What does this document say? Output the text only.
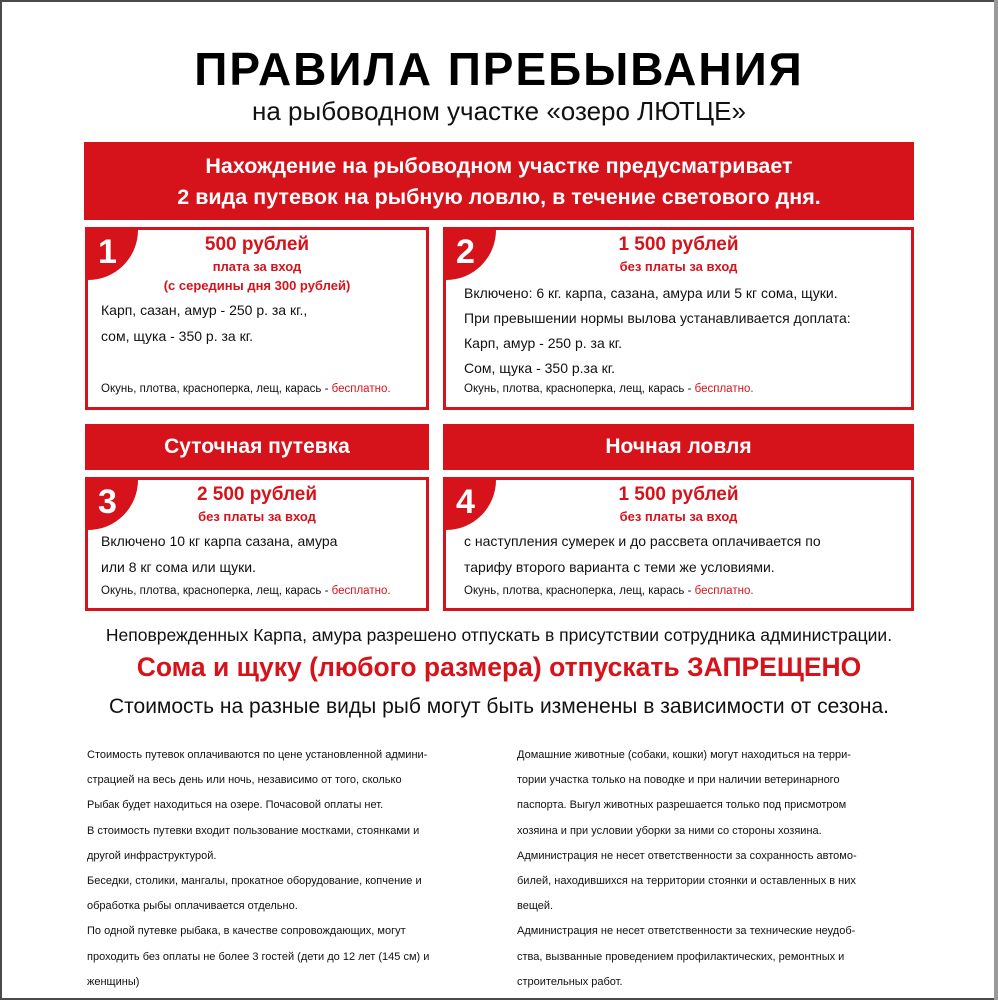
ПРАВИЛА ПРЕБЫВАНИЯ
на рыбоводном участке «озеро ЛЮТЦЕ»
Нахождение на рыбоводном участке предусматривает
2 вида путевок на рыбную ловлю, в течение светового дня.
1	500 рублей
плата за вход
(с середины дня 300 рублей)
Карп, сазан, амур - 250 р. за кг.,
сом, щука - 350 р. за кг.
Окунь, плотва, красноперка, лещ, карась - бесплатно.
2	1 500 рублей
без платы за вход
Включено: 6 кг. карпа, сазана, амура или 5 кг сома, щуки.
При превышении нормы вылова устанавливается доплата:
Карп, амур - 250 р. за кг.
Сом, щука - 350 р.за кг.
Окунь, плотва, красноперка, лещ, карась - бесплатно.
Суточная путевка	Ночная ловля
3	2 500 рублей
без платы за вход
Включено 10 кг карпа сазана, амура
или 8 кг сома или щуки.
Окунь, плотва, красноперка, лещ, карась - бесплатно.
4	1 500 рублей
без платы за вход
с наступления сумерек и до рассвета оплачивается по
тарифу второго варианта с теми же условиями.
Окунь, плотва, красноперка, лещ, карась - бесплатно.
Неповрежденных Карпа, амура разрешено отпускать в присутствии сотрудника администрации.
Сома и щуку (любого размера) отпускать ЗАПРЕЩЕНО
Стоимость на разные виды рыб могут быть изменены в зависимости от сезона.

Стоимость путевок оплачиваются по цене установленной админи-

страцией на весь день или ночь, независимо от того, сколько

Рыбак будет находиться на озере. Почасовой оплаты нет.

В стоимость путевки входит пользование мостками, стоянками и

другой инфраструктурой.

Беседки, столики, мангалы, прокатное оборудование, копчение и

обработка рыбы оплачивается отдельно.

По одной путевке рыбака, в качестве сопровождающих, могут

проходить без оплаты не более 3 гостей (дети до 12 лет (145 см) и

женщины)

Домашние животные (собаки, кошки) могут находиться на терри-

тории участка только на поводке и при наличии ветеринарного

паспорта. Выгул животных разрешается только под присмотром

хозяина и при условии уборки за ними со стороны хозяина.

Администрация не несет ответственности за сохранность автомо-

билей, находившихся на территории стоянки и оставленных в них

вещей.

Администрация не несет ответственности за технические неудоб-

ства, вызванные проведением профилактических, ремонтных и

строительных работ.
